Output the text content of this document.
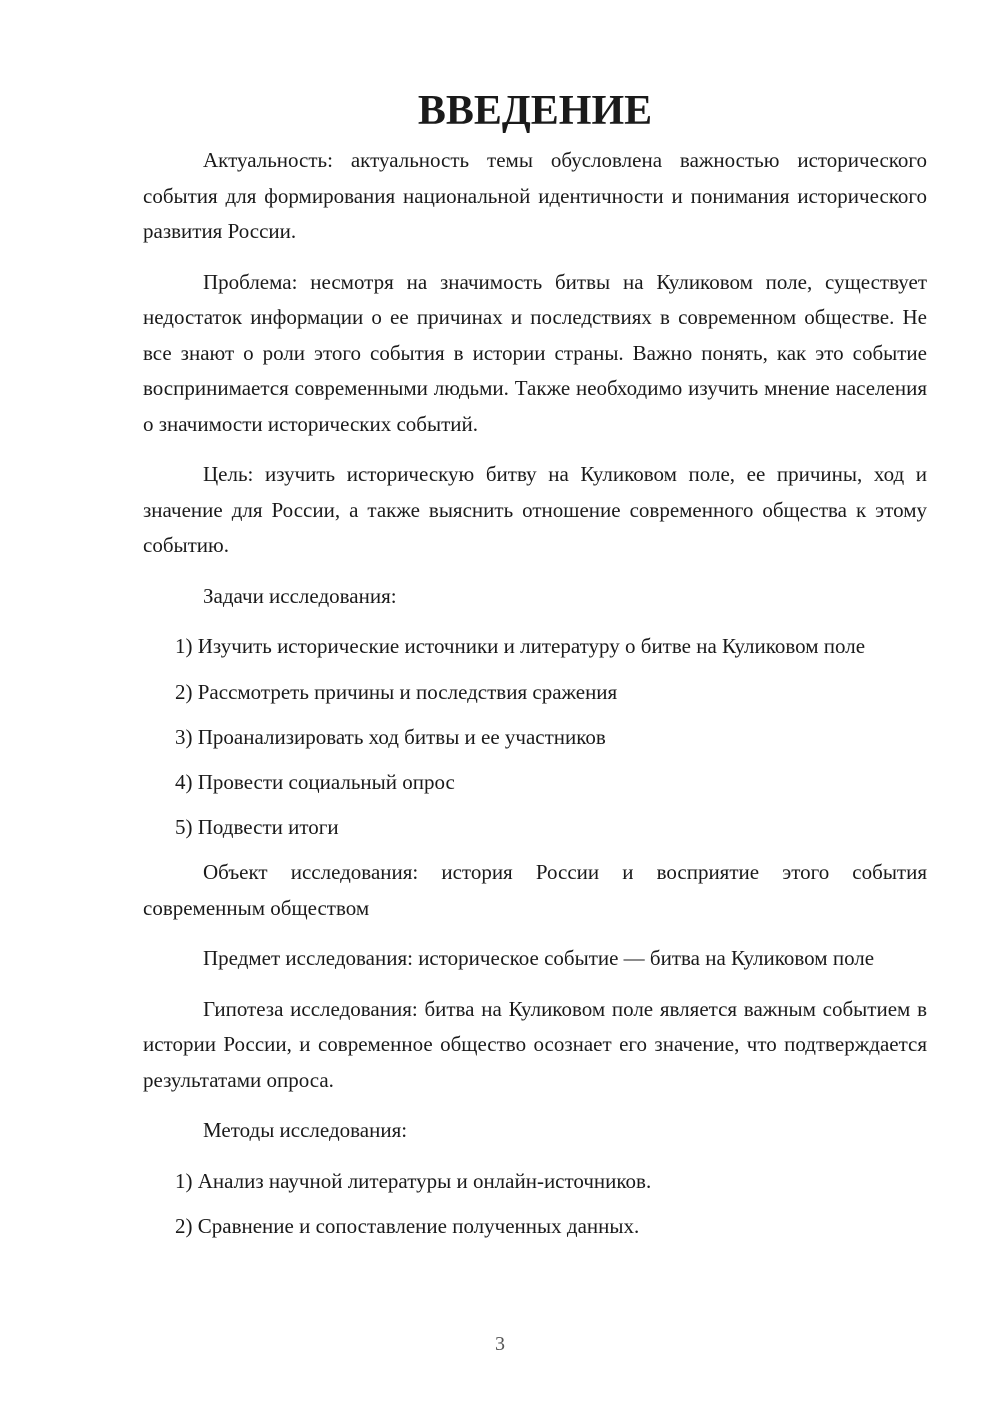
ВВЕДЕНИЕ

Актуальность: актуальность темы обусловлена важностью исторического события для формирования национальной идентичности и понимания исторического развития России.

Проблема: несмотря на значимость битвы на Куликовом поле, существует недостаток информации о ее причинах и последствиях в современном обществе. Не все знают о роли этого события в истории страны. Важно понять, как это событие воспринимается современными людьми. Также необходимо изучить мнение населения о значимости исторических событий.

Цель: изучить историческую битву на Куликовом поле, ее причины, ход и значение для России, а также выяснить отношение современного общества к этому событию.

Задачи исследования:

1) Изучить исторические источники и литературу о битве на Куликовом поле

2) Рассмотреть причины и последствия сражения

3) Проанализировать ход битвы и ее участников

4) Провести социальный опрос

5) Подвести итоги

Объект исследования: история России и восприятие этого события современным обществом

Предмет исследования: историческое событие — битва на Куликовом поле

Гипотеза исследования: битва на Куликовом поле является важным событием в истории России, и современное общество осознает его значение, что подтверждается результатами опроса.

Методы исследования:

1) Анализ научной литературы и онлайн-источников.

2) Сравнение и сопоставление полученных данных.

3
